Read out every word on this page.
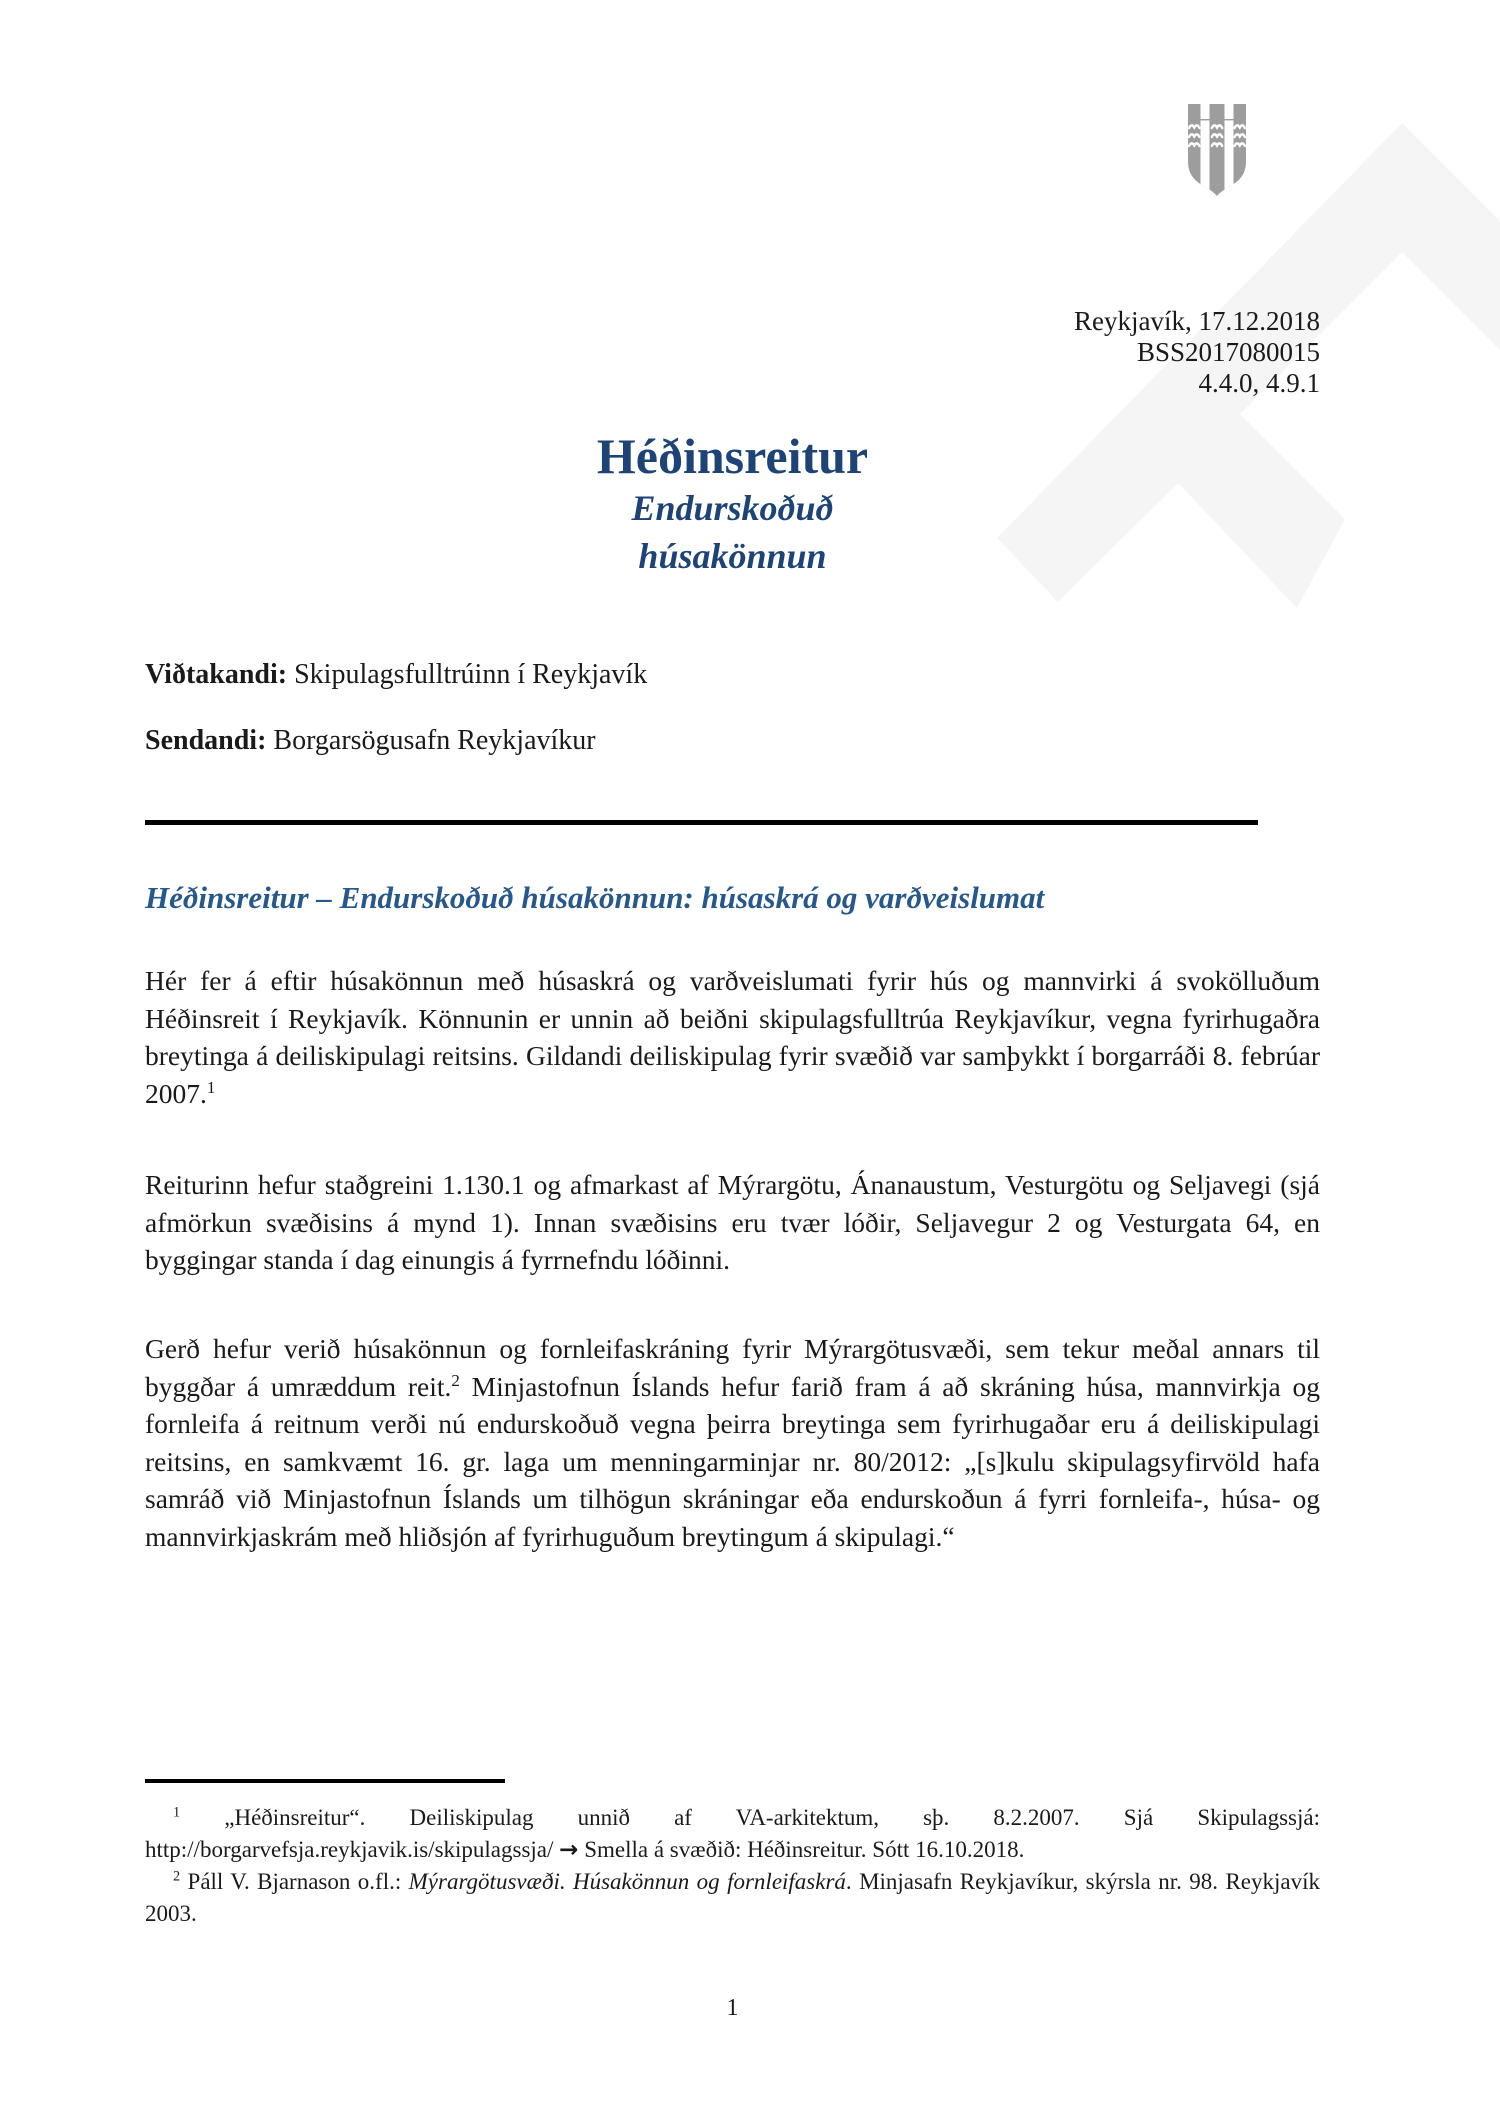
Reykjavík, 17.12.2018
BSS2017080015
4.4.0, 4.9.1
Héðinsreitur

Endurskoðuð

húsakönnun

Viðtakandi: Skipulagsfulltrúinn í Reykjavík
Sendandi: Borgarsögusafn Reykjavíkur
Héðinsreitur – Endurskoðuð húsakönnun: húsaskrá og varðveislumat

Hér fer á eftir húsakönnun með húsaskrá og varðveislumati fyrir hús og mannvirki á svokölluðum Héðinsreit í Reykjavík. Könnunin er unnin að beiðni skipulagsfulltrúa Reykjavíkur, vegna fyrirhugaðra breytinga á deiliskipulagi reitsins. Gildandi deiliskipulag fyrir svæðið var samþykkt í borgarráði 8. febrúar 2007.$^1$

Reiturinn hefur staðgreini 1.130.1 og afmarkast af Mýrargötu, Ánanaustum, Vesturgötu og Seljavegi (sjá afmörkun svæðisins á mynd 1). Innan svæðisins eru tvær lóðir, Seljavegur 2 og Vesturgata 64, en byggingar standa í dag einungis á fyrrnefndu lóðinni.

Gerð hefur verið húsakönnun og fornleifaskráning fyrir Mýrargötusvæði, sem tekur meðal annars til byggðar á umræddum reit.$^2$ Minjastofnun Íslands hefur farið fram á að skráning húsa, mannvirkja og fornleifa á reitnum verði nú endurskoðuð vegna þeirra breytinga sem fyrirhugaðar eru á deiliskipulagi reitsins, en samkvæmt 16. gr. laga um menningarminjar nr. 80/2012: „[s]kulu skipulagsyfirvöld hafa samráð við Minjastofnun Íslands um tilhögun skráningar eða endurskoðun á fyrri fornleifa-, húsa- og mannvirkjaskrám með hliðsjón af fyrirhuguðum breytingum á skipulagi.“

$^1$ „Héðinsreitur“. Deiliskipulag unnið af VA-arkitektum, sþ. 8.2.2007. Sjá Skipulagssjá: http://borgarvefsja.reykjavik.is/skipulagssja/ → Smella á svæðið: Héðinsreitur. Sótt 16.10.2018.

$^2$ Páll V. Bjarnason o.fl.: Mýrargötusvæði. Húsakönnun og fornleifaskrá. Minjasafn Reykjavíkur, skýrsla nr. 98. Reykjavík 2003.

1
